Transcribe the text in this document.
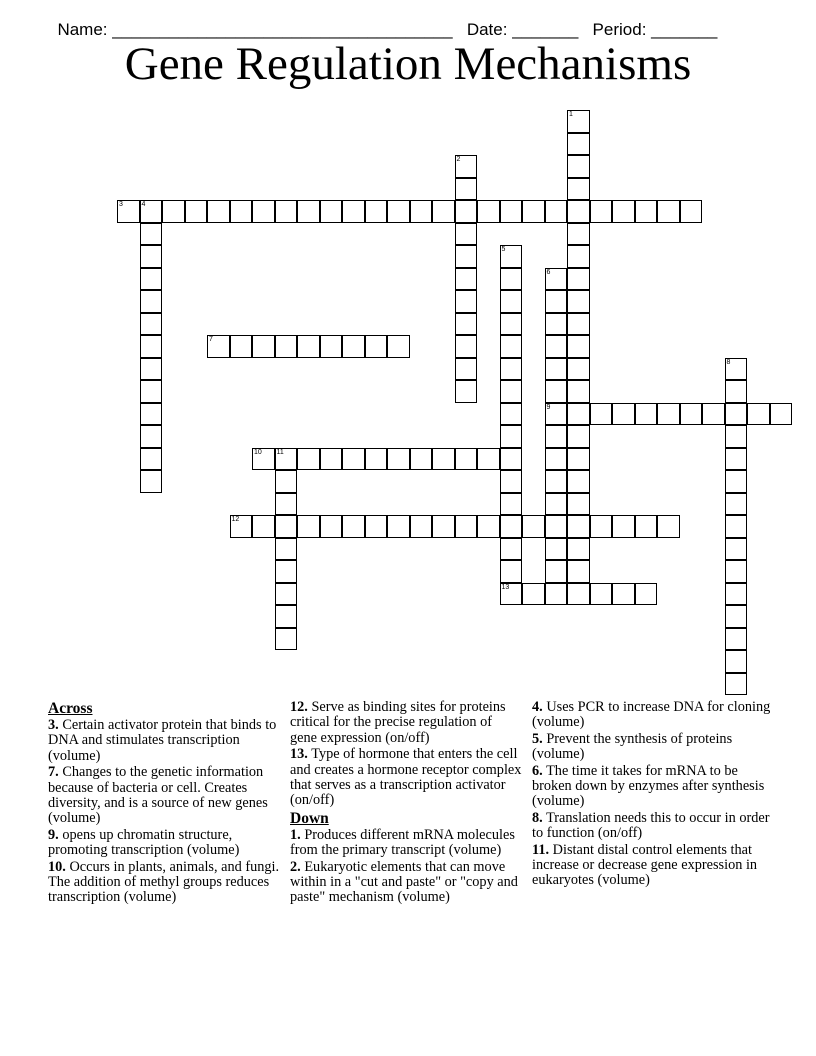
Name: ____________________________________ Date: _______ Period: _______

Gene Regulation Mechanisms
1
2
3	4
5
13
6
9
7
8
10 11
12
Across
3. Certain activator protein that binds to DNA and stimulates transcription (volume)
7. Changes to the genetic information because of bacteria or cell. Creates diversity, and is a source of new genes (volume)
9. opens up chromatin structure, promoting transcription (volume)
10. Occurs in plants, animals, and fungi. The addition of methyl groups reduces transcription (volume)
12. Serve as binding sites for proteins critical for the precise regulation of gene expression (on/off)
13. Type of hormone that enters the cell and creates a hormone receptor complex that serves as a transcription activator (on/off)
Down
1. Produces different mRNA molecules from the primary transcript (volume)
2. Eukaryotic elements that can move within in a "cut and paste" or "copy and paste" mechanism (volume)
4. Uses PCR to increase DNA for cloning (volume)
5. Prevent the synthesis of proteins (volume)
6. The time it takes for mRNA to be broken down by enzymes after synthesis (volume)
8. Translation needs this to occur in order to function (on/off)
11. Distant distal control elements that increase or decrease gene expression in eukaryotes (volume)
